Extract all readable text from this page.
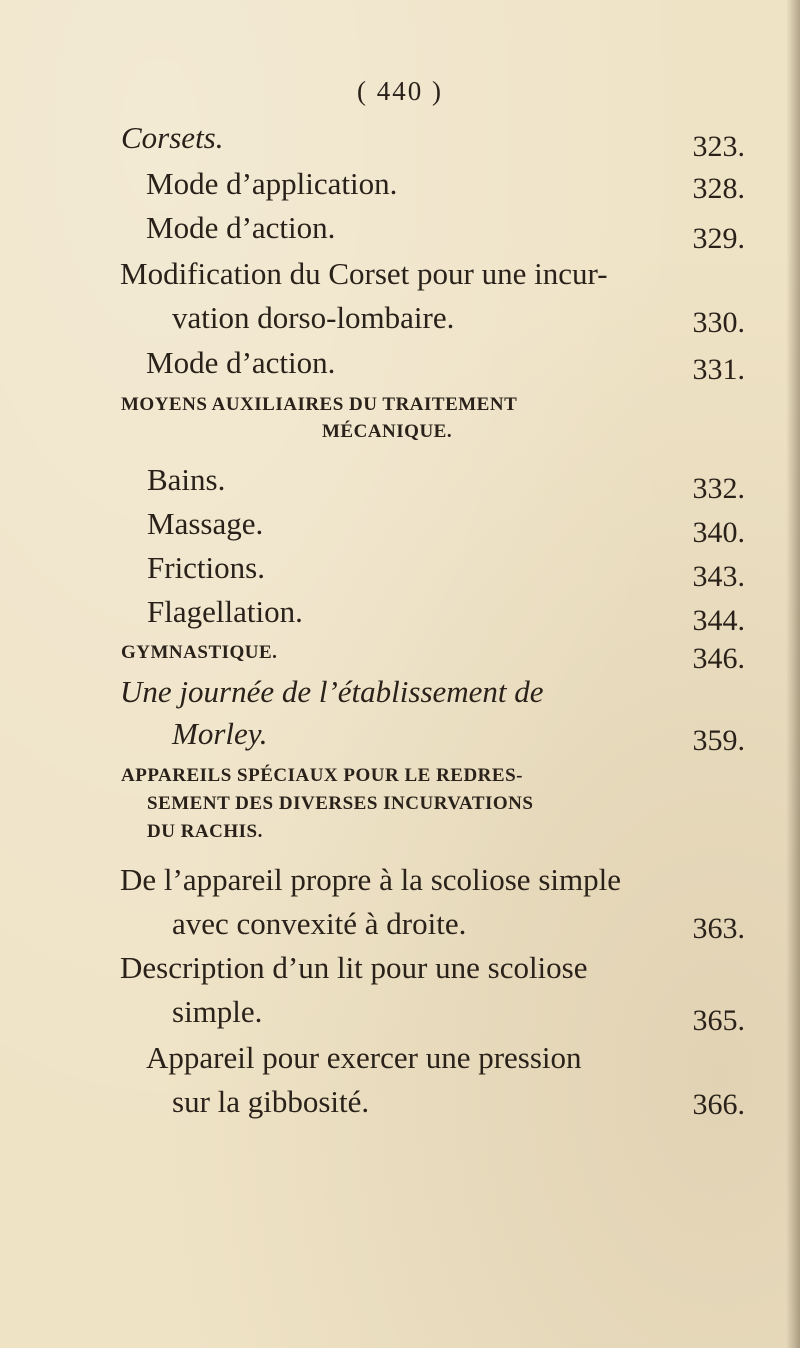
( 440 )
Corsets.	323.
Mode d’application.	328.
Mode d’action.	329.
Modification du Corset pour une incur-
vation dorso-lombaire.	330.
Mode d’action.	331.
MOYENS AUXILIAIRES DU TRAITEMENT
MÉCANIQUE.
Bains.	332.
Massage.	340.
Frictions.	343.
Flagellation.	344.
GYMNASTIQUE.	346.
Une journée de l’établissement de
Morley.	359.
APPAREILS SPÉCIAUX POUR LE REDRES-
SEMENT DES DIVERSES INCURVATIONS
DU RACHIS.
De l’appareil propre à la scoliose simple
avec convexité à droite.	363.
Description d’un lit pour une scoliose
simple.	365.
Appareil pour exercer une pression
sur la gibbosité.	366.
